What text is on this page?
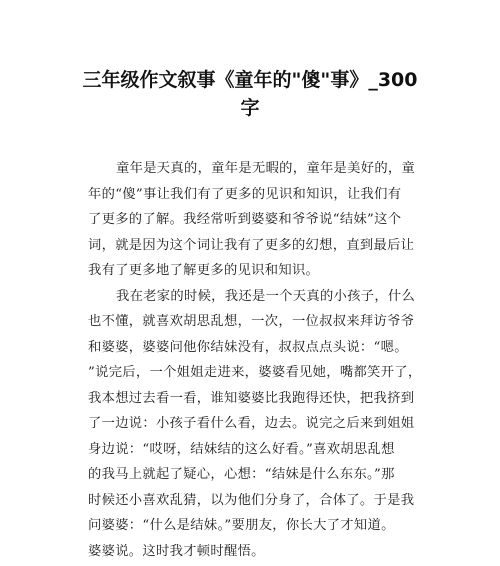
三年级作文叙事《童年的"傻"事》_300
字
童年是天真的，童年是无暇的，童年是美好的，童
年的“傻”事让我们有了更多的见识和知识，让我们有
了更多的了解。我经常听到婆婆和爷爷说“结妹”这个
词，就是因为这个词让我有了更多的幻想，直到最后让
我有了更多地了解更多的见识和知识。
我在老家的时候，我还是一个天真的小孩子，什么
也不懂，就喜欢胡思乱想，一次，一位叔叔来拜访爷爷
和婆婆，婆婆问他你结妹没有，叔叔点点头说：“嗯。
”说完后，一个姐姐走进来，婆婆看见她，嘴都笑开了，
我本想过去看一看，谁知婆婆比我跑得还快，把我挤到
了一边说：小孩子看什么看，边去。说完之后来到姐姐
身边说：“哎呀，结妹结的这么好看。”喜欢胡思乱想
的我马上就起了疑心，心想：“结妹是什么东东。”那
时候还小喜欢乱猜，以为他们分身了，合体了。于是我
问婆婆：“什么是结妹。”要朋友，你长大了才知道。
婆婆说。这时我才顿时醒悟。
